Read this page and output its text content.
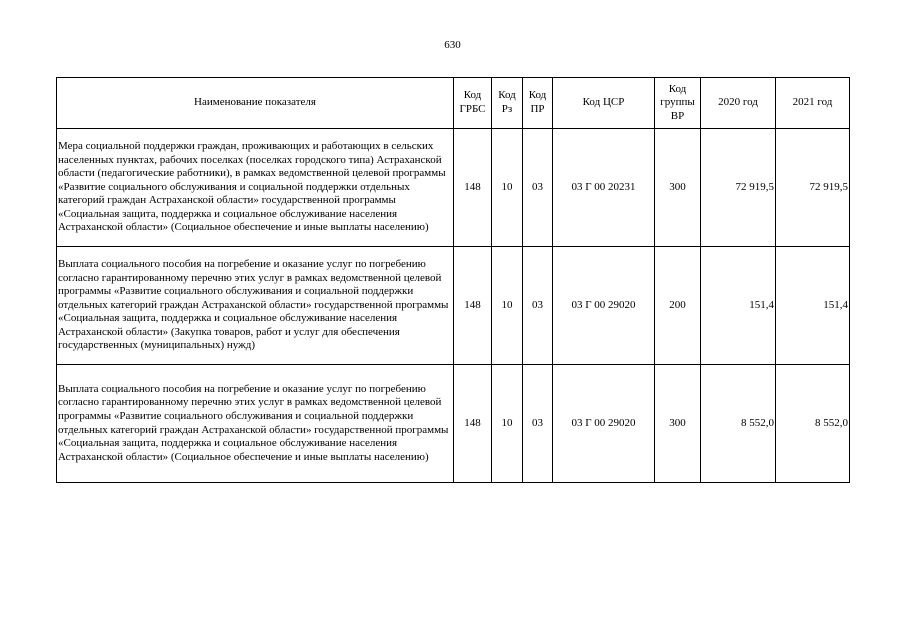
630
Наименование показателя	Код ГРБС	Код Рз	Код ПР	Код ЦСР	Код группы ВР	2020 год	2021 год
Мера социальной поддержки граждан, проживающих и работающих в сельских населенных пунктах, рабочих поселках (поселках городского типа) Астраханской области (педагогические работники), в рамках ведомственной целевой программы «Развитие социального обслуживания и социальной поддержки отдельных категорий граждан Астраханской области» государственной программы «Социальная защита, поддержка и социальное обслуживание населения Астраханской области» (Социальное обеспечение и иные выплаты населению)	148	10	03	03 Г 00 20231	300	72 919,5	72 919,5
Выплата социального пособия на погребение и оказание услуг по погребению согласно гарантированному перечню этих услуг в рамках ведомственной целевой программы «Развитие социального обслуживания и социальной поддержки отдельных категорий граждан Астраханской области» государственной программы «Социальная защита, поддержка и социальное обслуживание населения Астраханской области» (Закупка товаров, работ и услуг для обеспечения государственных (муниципальных) нужд)	148	10	03	03 Г 00 29020	200	151,4	151,4
Выплата социального пособия на погребение и оказание услуг по погребению согласно гарантированному перечню этих услуг в рамках ведомственной целевой программы «Развитие социального обслуживания и социальной поддержки отдельных категорий граждан Астраханской области» государственной программы «Социальная защита, поддержка и социальное обслуживание населения Астраханской области» (Социальное обеспечение и иные выплаты населению)	148	10	03	03 Г 00 29020	300	8 552,0	8 552,0
